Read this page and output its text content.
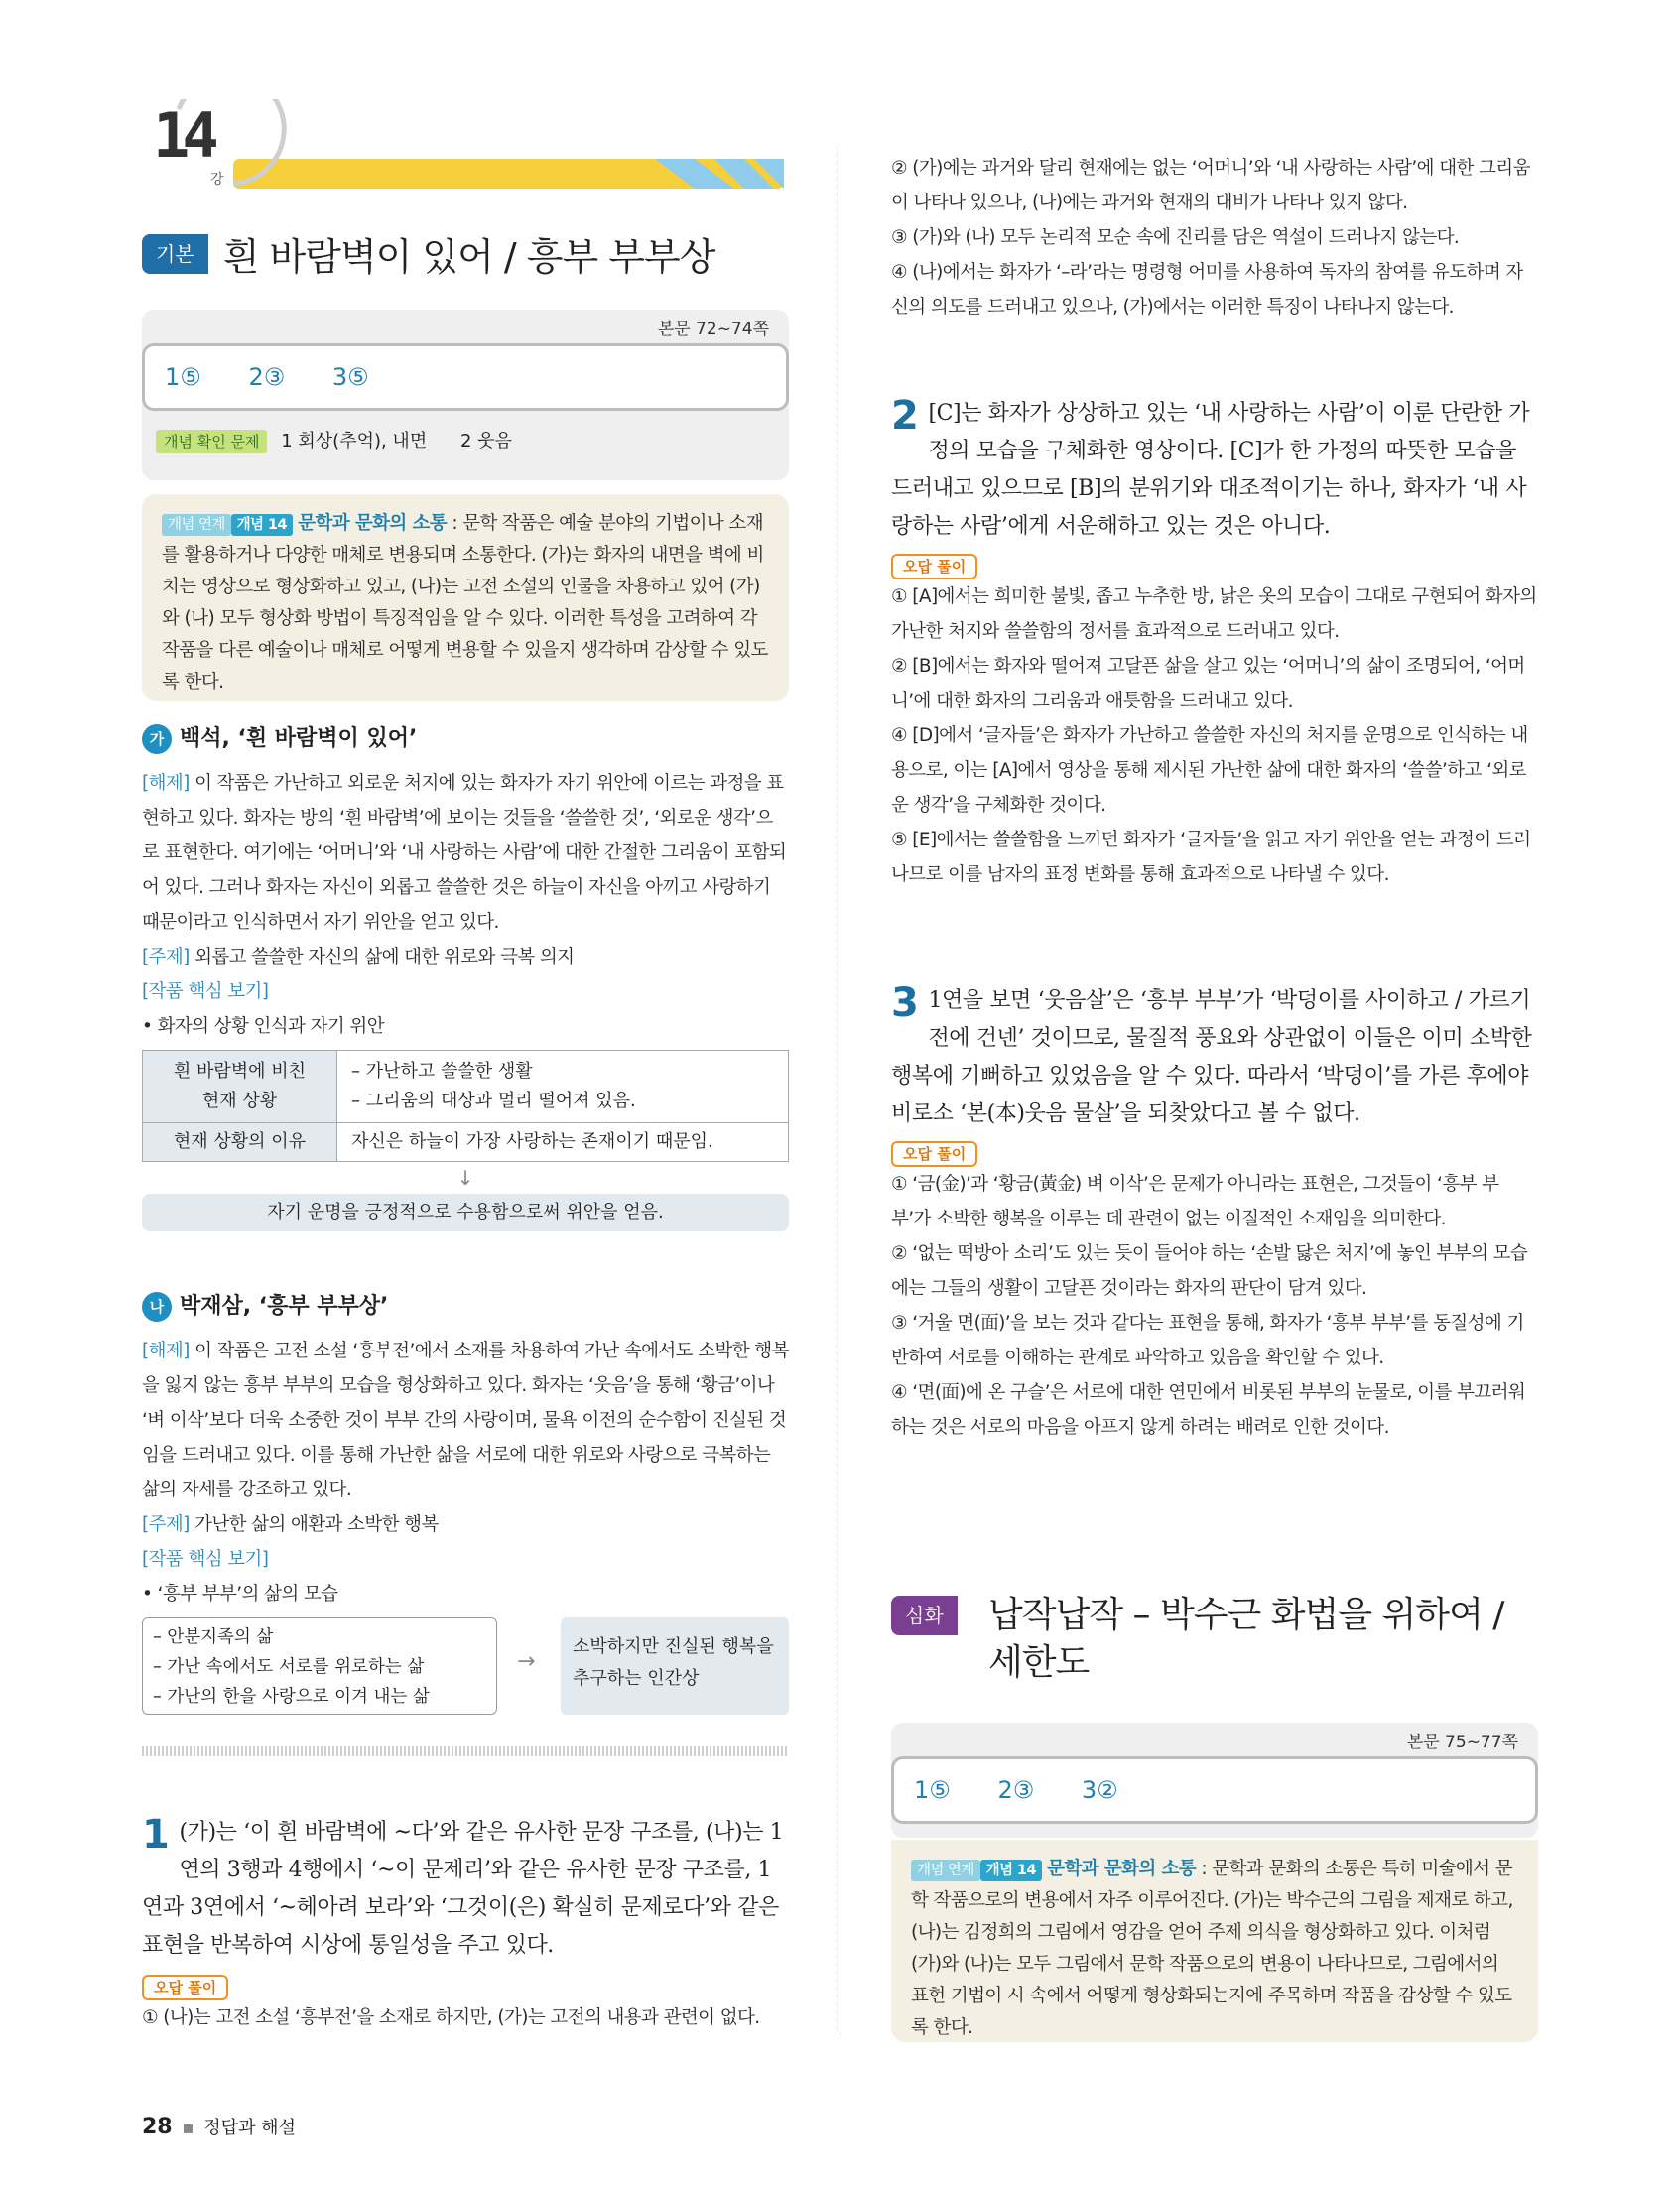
14
강
기본 흰 바람벽이 있어 / 흥부 부부상
본문 72~74쪽
1⑤ 2③ 3⑤
개념 확인 문제 1 회상(추억), 내면 2 웃음
개념 연계 개념 14 문학과 문화의 소통 : 문학 작품은 예술 분야의 기법이나 소재를 활용하거나 다양한 매체로 변용되며 소통한다. (가)는 화자의 내면을 벽에 비치는 영상으로 형상화하고 있고, (나)는 고전 소설의 인물을 차용하고 있어 (가)와 (나) 모두 형상화 방법이 특징적임을 알 수 있다. 이러한 특성을 고려하여 각 작품을 다른 예술이나 매체로 어떻게 변용할 수 있을지 생각하며 감상할 수 있도록 한다.
가 백석, ‘흰 바람벽이 있어’
[해제] 이 작품은 가난하고 외로운 처지에 있는 화자가 자기 위안에 이르는 과정을 표현하고 있다. 화자는 방의 ‘흰 바람벽’에 보이는 것들을 ‘쓸쓸한 것’, ‘외로운 생각’으로 표현한다. 여기에는 ‘어머니’와 ‘내 사랑하는 사람’에 대한 간절한 그리움이 포함되어 있다. 그러나 화자는 자신이 외롭고 쓸쓸한 것은 하늘이 자신을 아끼고 사랑하기 때문이라고 인식하면서 자기 위안을 얻고 있다.
[주제] 외롭고 쓸쓸한 자신의 삶에 대한 위로와 극복 의지
[작품 핵심 보기]
• 화자의 상황 인식과 자기 위안
흰 바람벽에 비친 현재 상황	– 가난하고 쓸쓸한 생활
– 그리움의 대상과 멀리 떨어져 있음.

현재 상황의 이유	자신은 하늘이 가장 사랑하는 존재이기 때문임.
↓
자기 운명을 긍정적으로 수용함으로써 위안을 얻음.
나 박재삼, ‘흥부 부부상’
[해제] 이 작품은 고전 소설 ‘흥부전’에서 소재를 차용하여 가난 속에서도 소박한 행복을 잃지 않는 흥부 부부의 모습을 형상화하고 있다. 화자는 ‘웃음’을 통해 ‘황금’이나 ‘벼 이삭’보다 더욱 소중한 것이 부부 간의 사랑이며, 물욕 이전의 순수함이 진실된 것임을 드러내고 있다. 이를 통해 가난한 삶을 서로에 대한 위로와 사랑으로 극복하는 삶의 자세를 강조하고 있다.
[주제] 가난한 삶의 애환과 소박한 행복
[작품 핵심 보기]
• ‘흥부 부부’의 삶의 모습
– 안분지족의 삶
– 가난 속에서도 서로를 위로하는 삶
– 가난의 한을 사랑으로 이겨 내는 삶
→
소박하지만 진실된 행복을 추구하는 인간상
1 (가)는 ‘이 흰 바람벽에 ~다’와 같은 유사한 문장 구조를, (나)는 1연의 3행과 4행에서 ‘~이 문제리’와 같은 유사한 문장 구조를, 1연과 3연에서 ‘~헤아려 보라’와 ‘그것이(은) 확실히 문제로다’와 같은 표현을 반복하여 시상에 통일성을 주고 있다.
오답 풀이
① (나)는 고전 소설 ‘흥부전’을 소재로 하지만, (가)는 고전의 내용과 관련이 없다.
② (가)에는 과거와 달리 현재에는 없는 ‘어머니’와 ‘내 사랑하는 사람’에 대한 그리움이 나타나 있으나, (나)에는 과거와 현재의 대비가 나타나 있지 않다.
③ (가)와 (나) 모두 논리적 모순 속에 진리를 담은 역설이 드러나지 않는다.
④ (나)에서는 화자가 ‘–라’라는 명령형 어미를 사용하여 독자의 참여를 유도하며 자신의 의도를 드러내고 있으나, (가)에서는 이러한 특징이 나타나지 않는다.
2 [C]는 화자가 상상하고 있는 ‘내 사랑하는 사람’이 이룬 단란한 가정의 모습을 구체화한 영상이다. [C]가 한 가정의 따뜻한 모습을 드러내고 있으므로 [B]의 분위기와 대조적이기는 하나, 화자가 ‘내 사랑하는 사람’에게 서운해하고 있는 것은 아니다.
오답 풀이
① [A]에서는 희미한 불빛, 좁고 누추한 방, 낡은 옷의 모습이 그대로 구현되어 화자의 가난한 처지와 쓸쓸함의 정서를 효과적으로 드러내고 있다.
② [B]에서는 화자와 떨어져 고달픈 삶을 살고 있는 ‘어머니’의 삶이 조명되어, ‘어머니’에 대한 화자의 그리움과 애틋함을 드러내고 있다.
④ [D]에서 ‘글자들’은 화자가 가난하고 쓸쓸한 자신의 처지를 운명으로 인식하는 내용으로, 이는 [A]에서 영상을 통해 제시된 가난한 삶에 대한 화자의 ‘쓸쓸’하고 ‘외로운 생각’을 구체화한 것이다.
⑤ [E]에서는 쓸쓸함을 느끼던 화자가 ‘글자들’을 읽고 자기 위안을 얻는 과정이 드러나므로 이를 남자의 표정 변화를 통해 효과적으로 나타낼 수 있다.
3 1연을 보면 ‘웃음살’은 ‘흥부 부부’가 ‘박덩이를 사이하고 / 가르기 전에 건넨’ 것이므로, 물질적 풍요와 상관없이 이들은 이미 소박한 행복에 기뻐하고 있었음을 알 수 있다. 따라서 ‘박덩이’를 가른 후에야 비로소 ‘본(本)웃음 물살’을 되찾았다고 볼 수 없다.
오답 풀이
① ‘금(金)’과 ‘황금(黃金) 벼 이삭’은 문제가 아니라는 표현은, 그것들이 ‘흥부 부부’가 소박한 행복을 이루는 데 관련이 없는 이질적인 소재임을 의미한다.
② ‘없는 떡방아 소리’도 있는 듯이 들어야 하는 ‘손발 닳은 처지’에 놓인 부부의 모습에는 그들의 생활이 고달픈 것이라는 화자의 판단이 담겨 있다.
③ ‘거울 면(面)’을 보는 것과 같다는 표현을 통해, 화자가 ‘흥부 부부’를 동질성에 기반하여 서로를 이해하는 관계로 파악하고 있음을 확인할 수 있다.
④ ‘면(面)에 온 구슬’은 서로에 대한 연민에서 비롯된 부부의 눈물로, 이를 부끄러워하는 것은 서로의 마음을 아프지 않게 하려는 배려로 인한 것이다.
심화	납작납작 – 박수근 화법을 위하여 /
세한도
본문 75~77쪽
1⑤ 2③ 3②
개념 연계 개념 14 문학과 문화의 소통 : 문학과 문화의 소통은 특히 미술에서 문학 작품으로의 변용에서 자주 이루어진다. (가)는 박수근의 그림을 제재로 하고, (나)는 김정희의 그림에서 영감을 얻어 주제 의식을 형상화하고 있다. 이처럼 (가)와 (나)는 모두 그림에서 문학 작품으로의 변용이 나타나므로, 그림에서의 표현 기법이 시 속에서 어떻게 형상화되는지에 주목하며 작품을 감상할 수 있도록 한다.
28 ▪ 정답과 해설
